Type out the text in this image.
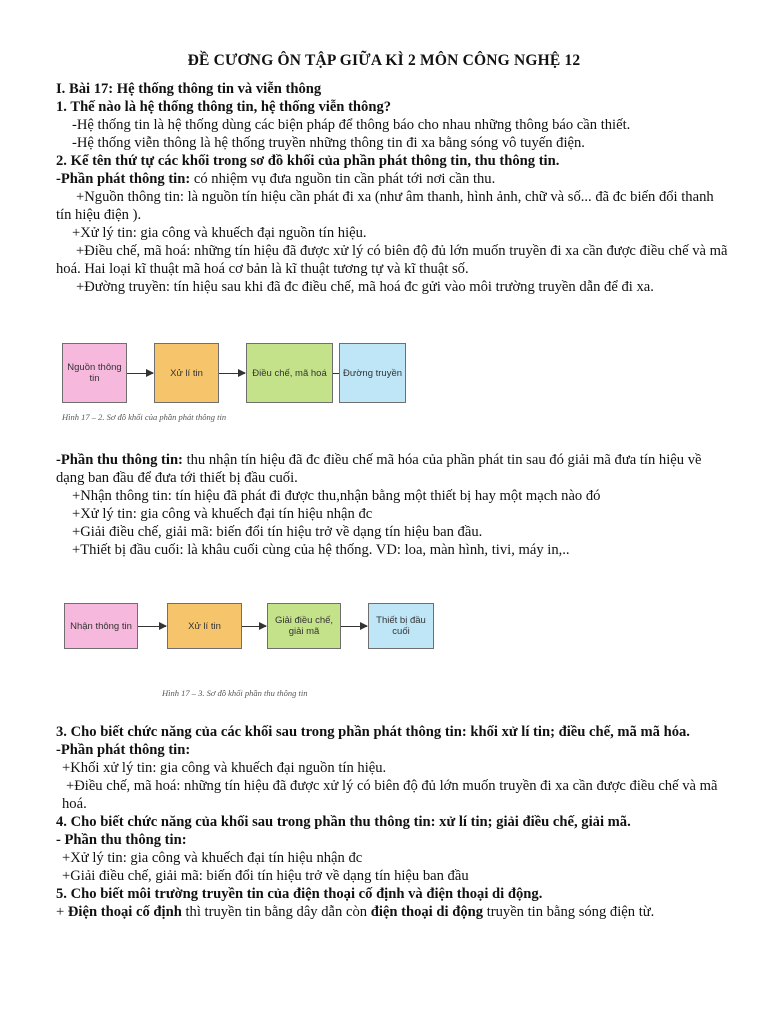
ĐỀ CƯƠNG ÔN TẬP GIỮA KÌ 2 MÔN CÔNG NGHỆ 12

I. Bài 17: Hệ thống thông tin và viễn thông

1. Thế nào là hệ thống thông tin, hệ thống viễn thông?

-Hệ thống tin là hệ thống dùng các biện pháp để thông báo cho nhau những thông báo cần thiết.

-Hệ thống viễn thông là hệ thống truyền những thông tin đi xa bằng sóng vô tuyến điện.

2. Kể tên thứ tự các khối trong sơ đồ khối của phần phát thông tin, thu thông tin.

-Phần phát thông tin: có nhiệm vụ đưa nguồn tin cần phát tới nơi cần thu.

+Nguồn thông tin: là nguồn tín hiệu cần phát đi xa (như âm thanh, hình ảnh, chữ và số... đã đc biến đổi thanh tín hiệu điện ).

+Xử lý tin: gia công và khuếch đại nguồn tín hiệu.

+Điều chế, mã hoá: những tín hiệu đã được xử lý có biên độ đủ lớn muốn truyền đi xa cần được điều chế và mã hoá. Hai loại kĩ thuật mã hoá cơ bản là kĩ thuật tương tự và kĩ thuật số.

+Đường truyền: tín hiệu sau khi đã đc điều chế, mã hoá đc gửi vào môi trường truyền dẫn để đi xa.

Nguồn thông tin	Xử lí tin	Điều chế, mã hoá Đường truyền
Hình 17 – 2. Sơ đồ khối của phần phát thông tin

-Phần thu thông tin: thu nhận tín hiệu đã đc điều chế mã hóa của phần phát tin sau đó giải mã đưa tín hiệu về dạng ban đầu để đưa tới thiết bị đầu cuối.

+Nhận thông tin: tín hiệu đã phát đi được thu,nhận bằng một thiết bị hay một mạch nào đó

+Xử lý tin: gia công và khuếch đại tín hiệu nhận đc

+Giải điều chế, giải mã: biến đổi tín hiệu trở về dạng tín hiệu ban đầu.

+Thiết bị đầu cuối: là khâu cuối cùng của hệ thống. VD: loa, màn hình, tivi, máy in,..

Nhận thông tin	Xử lí tin	Giải điều chế, giải mã
Thiết bị đầu cuối
Hình 17 – 3. Sơ đồ khối phần thu thông tin

3. Cho biết chức năng của các khối sau trong phần phát thông tin: khối xử lí tin; điều chế, mã mã hóa.

-Phần phát thông tin:

+Khối xử lý tin: gia công và khuếch đại nguồn tín hiệu.

+Điều chế, mã hoá: những tín hiệu đã được xử lý có biên độ đủ lớn muốn truyền đi xa cần được điều chế và mã hoá.

4. Cho biết chức năng của khối sau trong phần thu thông tin: xử lí tin; giải điều chế, giải mã.

- Phần thu thông tin:

+Xử lý tin: gia công và khuếch đại tín hiệu nhận đc

+Giải điều chế, giải mã: biến đổi tín hiệu trở về dạng tín hiệu ban đầu

5. Cho biết môi trường truyền tin của điện thoại cố định và điện thoại di động.

+ Điện thoại cố định thì truyền tin bằng dây dẫn còn điện thoại di động truyền tin bằng sóng điện từ.
